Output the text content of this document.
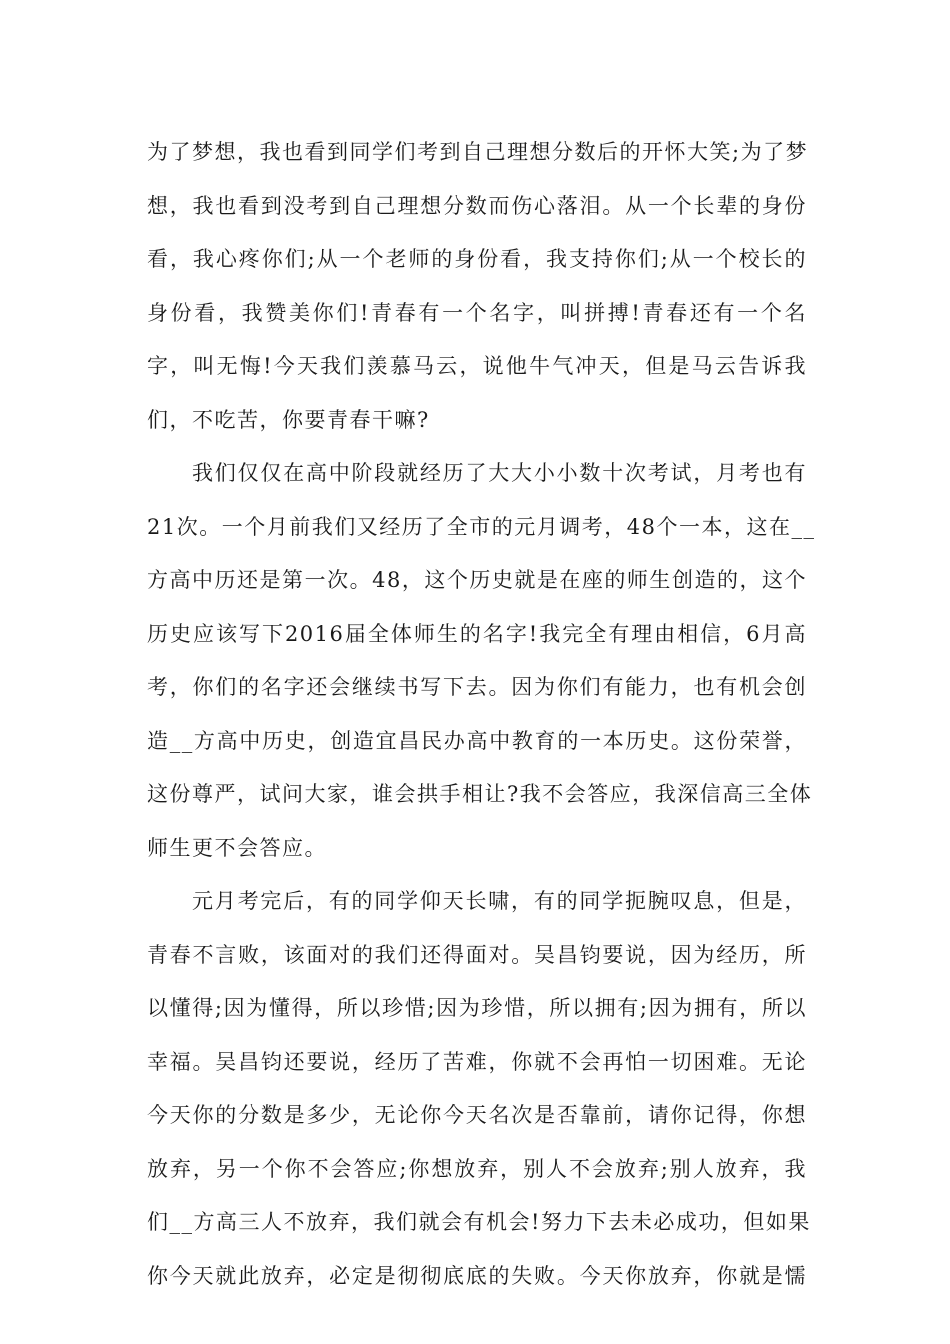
为了梦想，我也看到同学们考到自己理想分数后的开怀大笑;为了梦
想，我也看到没考到自己理想分数而伤心落泪。从一个长辈的身份
看，我心疼你们;从一个老师的身份看，我支持你们;从一个校长的
身份看，我赞美你们!青春有一个名字，叫拼搏!青春还有一个名
字，叫无悔!今天我们羡慕马云，说他牛气冲天，但是马云告诉我
们，不吃苦，你要青春干嘛?
我们仅仅在高中阶段就经历了大大小小数十次考试，月考也有
21次。一个月前我们又经历了全市的元月调考，48个一本，这在__
方高中历还是第一次。48，这个历史就是在座的师生创造的，这个
历史应该写下2016届全体师生的名字!我完全有理由相信，6月高
考，你们的名字还会继续书写下去。因为你们有能力，也有机会创
造__方高中历史，创造宜昌民办高中教育的一本历史。这份荣誉，
这份尊严，试问大家，谁会拱手相让?我不会答应，我深信高三全体
师生更不会答应。
元月考完后，有的同学仰天长啸，有的同学扼腕叹息，但是，
青春不言败，该面对的我们还得面对。吴昌钧要说，因为经历，所
以懂得;因为懂得，所以珍惜;因为珍惜，所以拥有;因为拥有，所以
幸福。吴昌钧还要说，经历了苦难，你就不会再怕一切困难。无论
今天你的分数是多少，无论你今天名次是否靠前，请你记得，你想
放弃，另一个你不会答应;你想放弃，别人不会放弃;别人放弃，我
们__方高三人不放弃，我们就会有机会!努力下去未必成功，但如果
你今天就此放弃，必定是彻彻底底的失败。今天你放弃，你就是懦
